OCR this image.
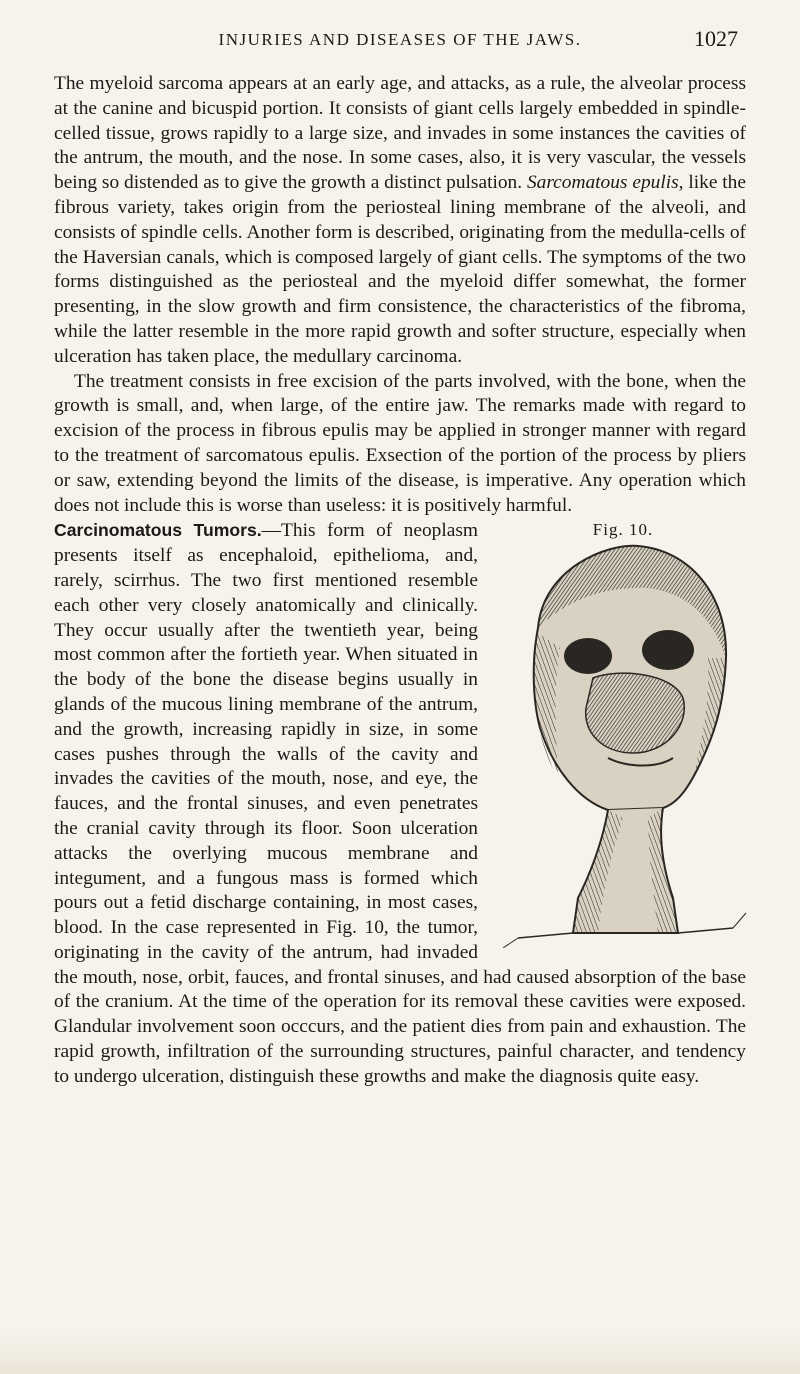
INJURIES AND DISEASES OF THE JAWS.	1027

The myeloid sarcoma appears at an early age, and attacks, as a rule, the alveolar process at the canine and bicuspid portion. It consists of giant cells largely embedded in spindle-celled tissue, grows rapidly to a large size, and invades in some instances the cavities of the antrum, the mouth, and the nose. In some cases, also, it is very vascular, the vessels being so distended as to give the growth a distinct pulsation. Sarcomatous epulis, like the fibrous variety, takes origin from the periosteal lining membrane of the alveoli, and consists of spindle cells. Another form is described, originating from the medulla-cells of the Haversian canals, which is composed largely of giant cells. The symptoms of the two forms distinguished as the periosteal and the myeloid differ somewhat, the former presenting, in the slow growth and firm consistence, the characteristics of the fibroma, while the latter resemble in the more rapid growth and softer structure, especially when ulceration has taken place, the medullary carcinoma.

The treatment consists in free excision of the parts involved, with the bone, when the growth is small, and, when large, of the entire jaw. The remarks made with regard to excision of the process in fibrous epulis may be applied in stronger manner with regard to the treatment of sarcomatous epulis. Exsection of the portion of the process by pliers or saw, extending beyond the limits of the disease, is imperative. Any operation which does not include this is worse than useless: it is positively harmful.

Fig. 10.
Carcinomatous Tumors.—This form of neoplasm presents itself as encephaloid, epithelioma, and, rarely, scirrhus. The two first mentioned resemble each other very closely anatomically and clinically. They occur usually after the twentieth year, being most common after the fortieth year. When situated in the body of the bone the disease begins usually in glands of the mucous lining membrane of the antrum, and the growth, increasing rapidly in size, in some cases pushes through the walls of the cavity and invades the cavities of the mouth, nose, and eye, the fauces, and the frontal sinuses, and even penetrates the cranial cavity through its floor. Soon ulceration attacks the overlying mucous membrane and integument, and a fungous mass is formed which pours out a fetid discharge containing, in most cases, blood. In the case represented in Fig. 10, the tumor, originating in the cavity of the antrum, had invaded the mouth, nose, orbit, fauces, and frontal sinuses, and had caused absorption of the base of the cranium. At the time of the operation for its removal these cavities were exposed. Glandular involvement soon occcurs, and the patient dies from pain and exhaustion. The rapid growth, infiltration of the surrounding structures, painful character, and tendency to undergo ulceration, distinguish these growths and make the diagnosis quite easy.
